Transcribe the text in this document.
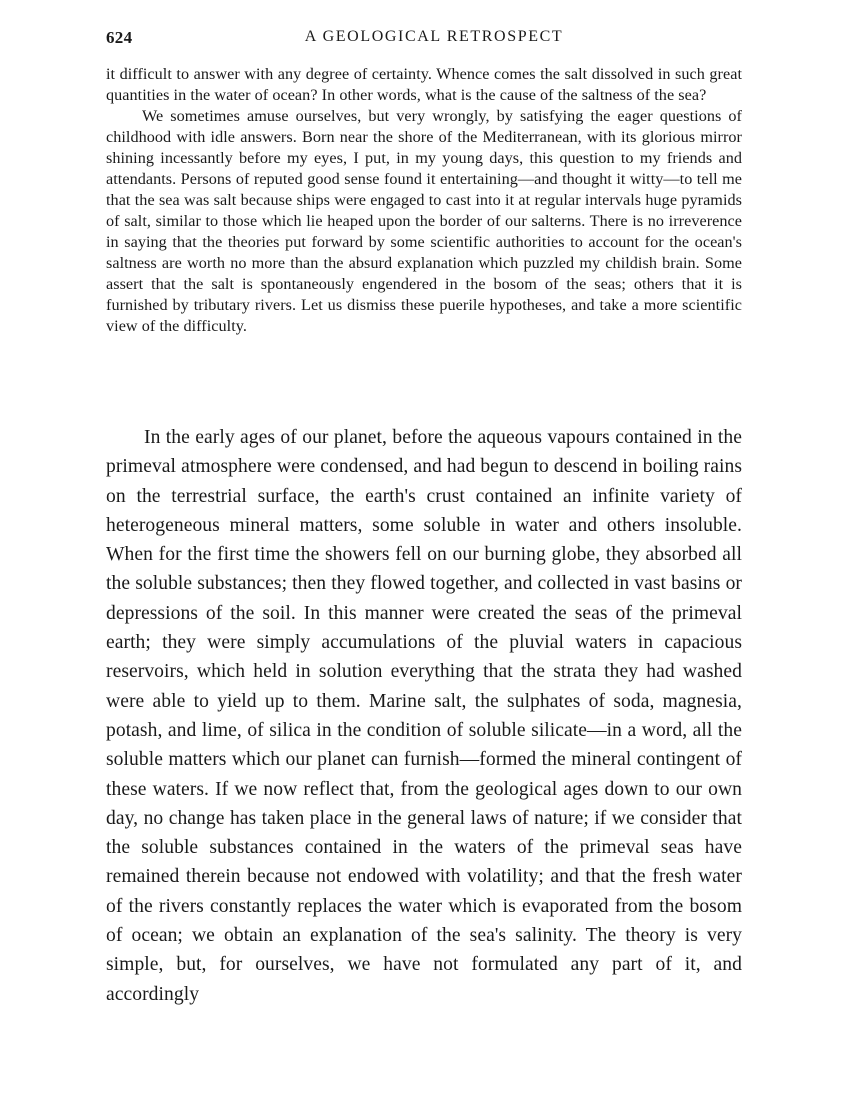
624	A GEOLOGICAL RETROSPECT

it difficult to answer with any degree of certainty. Whence comes the salt dissolved in such great quantities in the water of ocean? In other words, what is the cause of the saltness of the sea?

We sometimes amuse ourselves, but very wrongly, by satisfying the eager questions of childhood with idle answers. Born near the shore of the Mediterranean, with its glorious mirror shining incessantly before my eyes, I put, in my young days, this question to my friends and attendants. Persons of reputed good sense found it entertaining—and thought it witty—to tell me that the sea was salt because ships were engaged to cast into it at regular intervals huge pyramids of salt, similar to those which lie heaped upon the border of our salterns. There is no irreverence in saying that the theories put forward by some scientific authorities to account for the ocean's saltness are worth no more than the absurd explanation which puzzled my childish brain. Some assert that the salt is spontaneously engendered in the bosom of the seas; others that it is furnished by tributary rivers. Let us dismiss these puerile hypotheses, and take a more scientific view of the difficulty.

In the early ages of our planet, before the aqueous vapours contained in the primeval atmosphere were condensed, and had begun to descend in boiling rains on the terrestrial surface, the earth's crust contained an infinite variety of heterogeneous mineral matters, some soluble in water and others insoluble. When for the first time the showers fell on our burning globe, they absorbed all the soluble substances; then they flowed together, and collected in vast basins or depressions of the soil. In this manner were created the seas of the primeval earth; they were simply accumulations of the pluvial waters in capacious reservoirs, which held in solution everything that the strata they had washed were able to yield up to them. Marine salt, the sulphates of soda, magnesia, potash, and lime, of silica in the condition of soluble silicate—in a word, all the soluble matters which our planet can furnish—formed the mineral contingent of these waters. If we now reflect that, from the geological ages down to our own day, no change has taken place in the general laws of nature; if we consider that the soluble substances contained in the waters of the primeval seas have remained therein because not endowed with volatility; and that the fresh water of the rivers constantly replaces the water which is evaporated from the bosom of ocean; we obtain an explanation of the sea's salinity. The theory is very simple, but, for ourselves, we have not formulated any part of it, and accordingly
